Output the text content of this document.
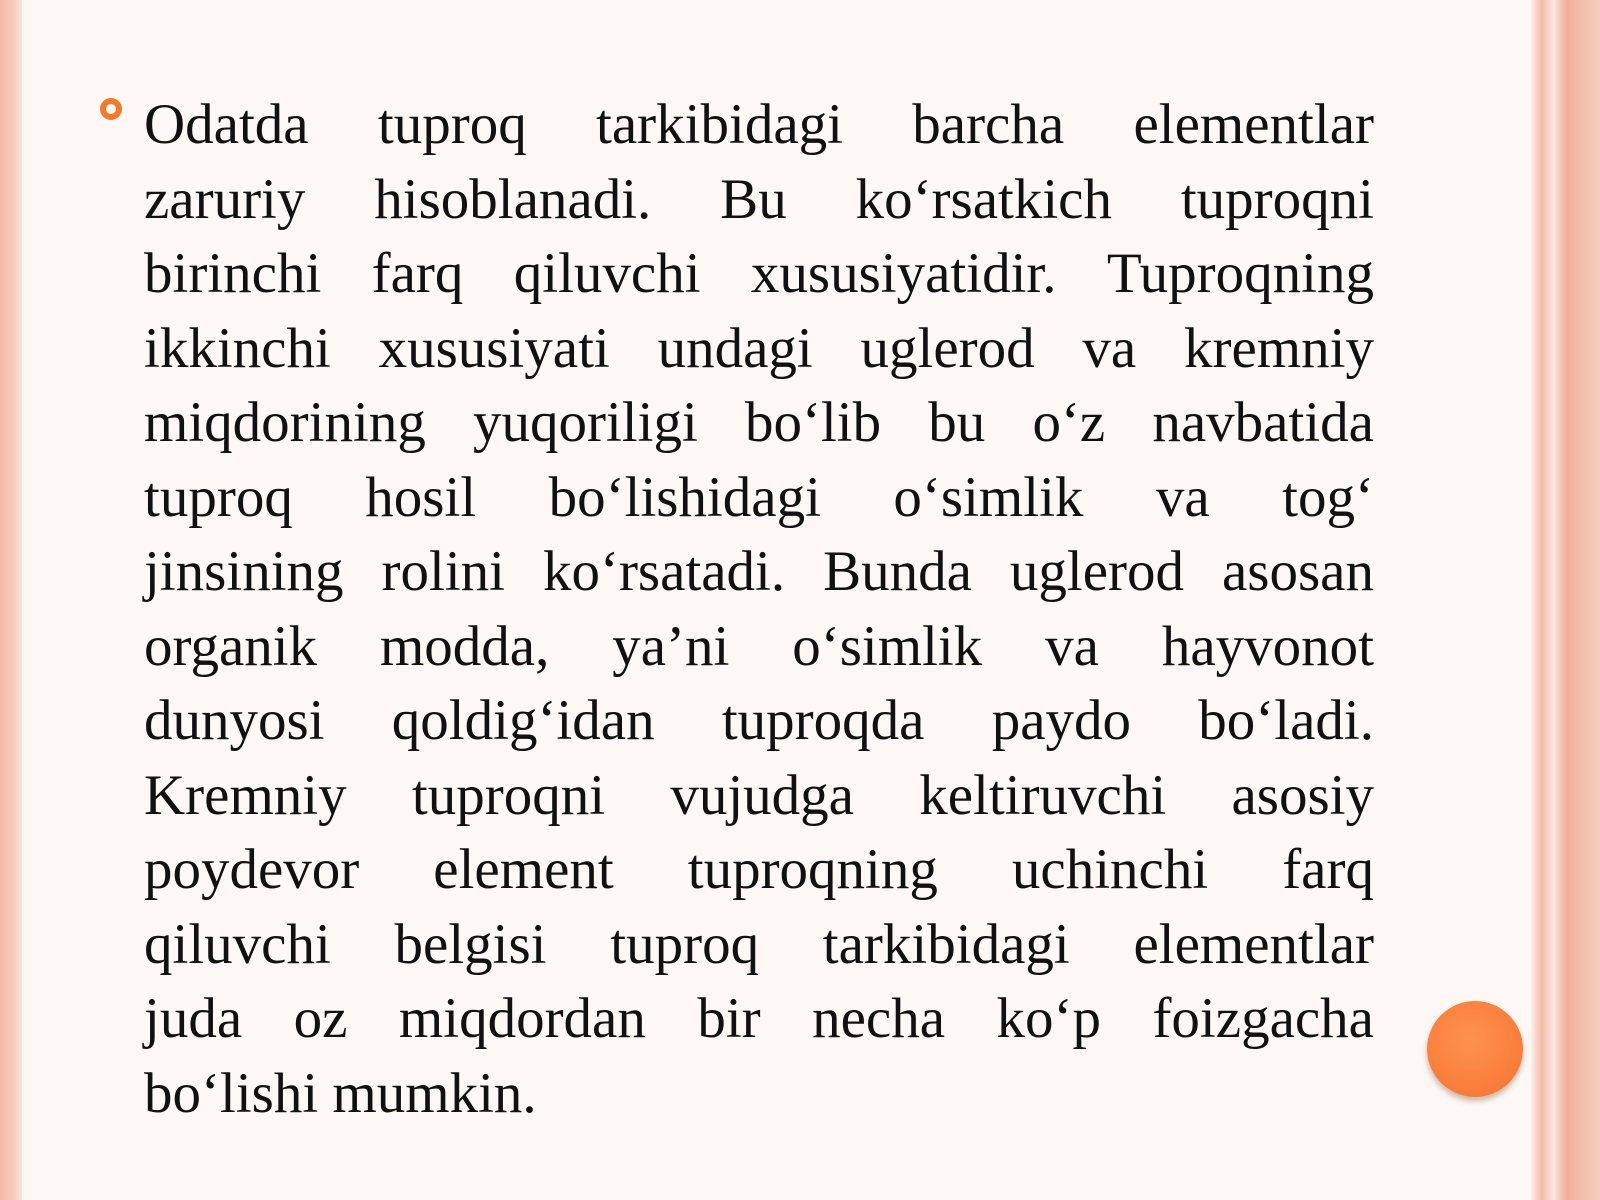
Odatda tuproq tarkibidagi barcha elementlar
zaruriy hisoblanadi. Bu ko‘rsatkich tuproqni
birinchi farq qiluvchi xususiyatidir. Tuproqning
ikkinchi xususiyati undagi uglerod va kremniy
miqdorining yuqoriligi bo‘lib bu o‘z navbatida
tuproq hosil bo‘lishidagi o‘simlik va tog‘
jinsining rolini ko‘rsatadi. Bunda uglerod asosan
organik modda, ya’ni o‘simlik va hayvonot
dunyosi qoldig‘idan tuproqda paydo bo‘ladi.
Kremniy tuproqni vujudga keltiruvchi asosiy
poydevor element tuproqning uchinchi farq
qiluvchi belgisi tuproq tarkibidagi elementlar
juda oz miqdordan bir necha ko‘p foizgacha
bo‘lishi mumkin.
